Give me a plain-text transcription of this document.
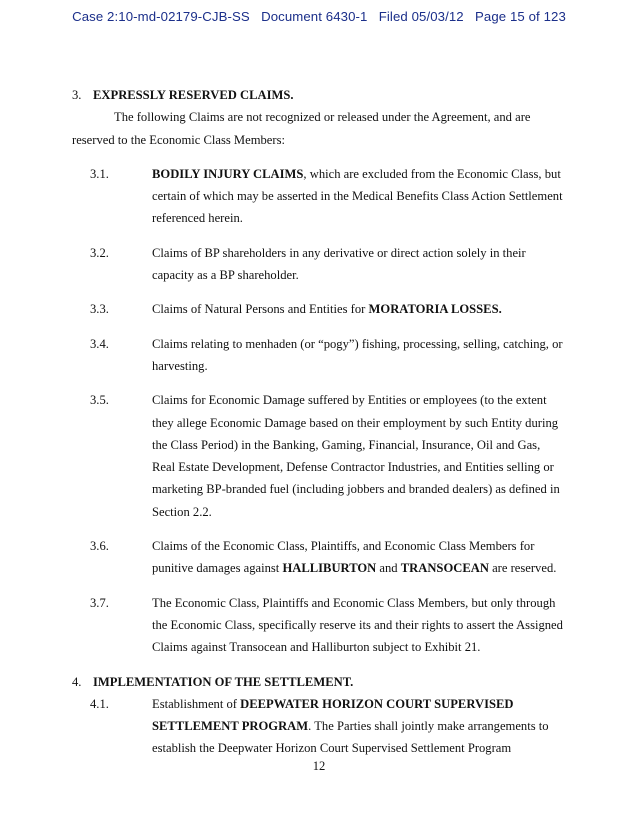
Case 2:10-md-02179-CJB-SS Document 6430-1 Filed 05/03/12 Page 15 of 123

3. EXPRESSLY RESERVED CLAIMS.

The following Claims are not recognized or released under the Agreement, and are reserved to the Economic Class Members:

3.1.	BODILY INJURY CLAIMS, which are excluded from the Economic Class, but certain of which may be asserted in the Medical Benefits Class Action Settlement referenced herein.
3.2.	Claims of BP shareholders in any derivative or direct action solely in their capacity as a BP shareholder.
3.3.	Claims of Natural Persons and Entities for MORATORIA LOSSES.
3.4.	Claims relating to menhaden (or “pogy”) fishing, processing, selling, catching, or harvesting.
3.5.	Claims for Economic Damage suffered by Entities or employees (to the extent they allege Economic Damage based on their employment by such Entity during the Class Period) in the Banking, Gaming, Financial, Insurance, Oil and Gas, Real Estate Development, Defense Contractor Industries, and Entities selling or marketing BP-branded fuel (including jobbers and branded dealers) as defined in Section 2.2.
3.6.	Claims of the Economic Class, Plaintiffs, and Economic Class Members for punitive damages against HALLIBURTON and TRANSOCEAN are reserved.
3.7.	The Economic Class, Plaintiffs and Economic Class Members, but only through the Economic Class, specifically reserve its and their rights to assert the Assigned Claims against Transocean and Halliburton subject to Exhibit 21.

4. IMPLEMENTATION OF THE SETTLEMENT.

4.1.	Establishment of DEEPWATER HORIZON COURT SUPERVISED SETTLEMENT PROGRAM. The Parties shall jointly make arrangements to establish the Deepwater Horizon Court Supervised Settlement Program
12
